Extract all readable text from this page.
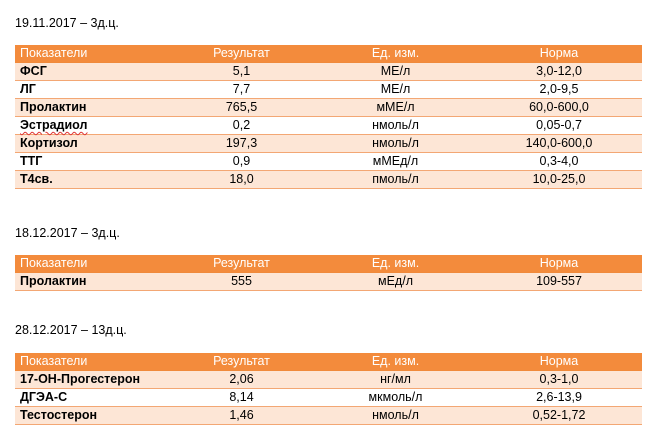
19.11.2017 – 3д.ц.
Показатели	Результат	Ед. изм.	Норма
ФСГ	5,1	МЕ/л	3,0-12,0
ЛГ	7,7	МЕ/л	2,0-9,5
Пролактин	765,5	мМЕ/л	60,0-600,0
Эстрадиол	0,2	нмоль/л	0,05-0,7
Кортизол	197,3	нмоль/л	140,0-600,0
ТТГ	0,9	мМЕд/л	0,3-4,0
Т4св.	18,0	пмоль/л	10,0-25,0
18.12.2017 – 3д.ц.
Показатели	Результат	Ед. изм.	Норма
Пролактин	555	мЕд/л	109-557
28.12.2017 – 13д.ц.
Показатели	Результат	Ед. изм.	Норма
17-ОН-Прогестерон	2,06	нг/мл	0,3-1,0
ДГЭА-С	8,14	мкмоль/л	2,6-13,9
Тестостерон	1,46	нмоль/л	0,52-1,72
